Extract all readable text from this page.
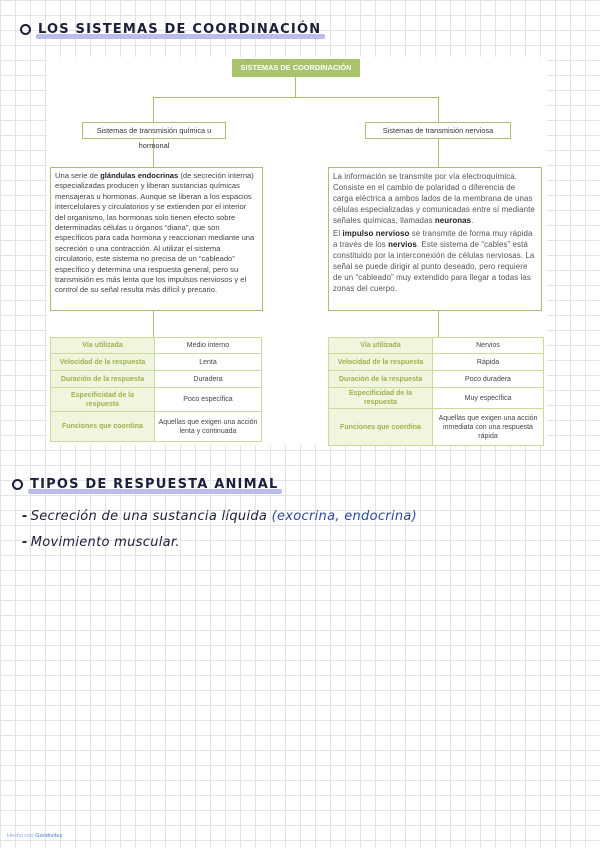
LOS SISTEMAS DE COORDINACIÓN
SISTEMAS DE COORDINACIÓN
Sistemas de transmisión química u hormonal
Sistemas de transmisión nerviosa
Una serie de glándulas endocrinas (de secreción interna) especializadas producen y liberan sustancias químicas mensajeras u hormonas. Aunque se liberan a los espacios intercelulares y circulatorios y se extienden por el interior del organismo, las hormonas solo tienen efecto sobre determinadas células u órganos “diana”, que son específicos para cada hormona y reaccionan mediante una secreción o una contracción. Al utilizar el sistema circulatorio, este sistema no precisa de un “cableado” específico y determina una respuesta general, pero su transmisión es más lenta que los impulsos nerviosos y el control de su señal resulta más difícil y precario.
La información se transmite por vía electroquímica. Consiste en el cambio de polaridad o diferencia de carga eléctrica a ambos lados de la membrana de unas células especializadas y comunicadas entre sí mediante señales químicas, llamadas neuronas.
El impulso nervioso se transmite de forma muy rápida a través de los nervios. Este sistema de “cables” está constituido por la interconexión de células nerviosas. La señal se puede dirigir al punto deseado, pero requiere de un “cableado” muy extendido para llegar a todas las zonas del cuerpo.
Vía utilizada	Medio interno
Velocidad de la respuesta	Lenta
Duración de la respuesta	Duradera
Especificidad de la respuesta	Poco específica
Funciones que coordina	Aquellas que exigen una acción lenta y continuada
Vía utilizada	Nervios
Velocidad de la respuesta	Rápida
Duración de la respuesta	Poco duradera
Especificidad de la respuesta	Muy específica
Funciones que coordina	Aquellas que exigen una acción inmediata con una respuesta rápida
TIPOS DE RESPUESTA ANIMAL
- Secreción de una sustancia líquida (exocrina, endocrina)
- Movimiento muscular.
Hecho con Goodnotes
